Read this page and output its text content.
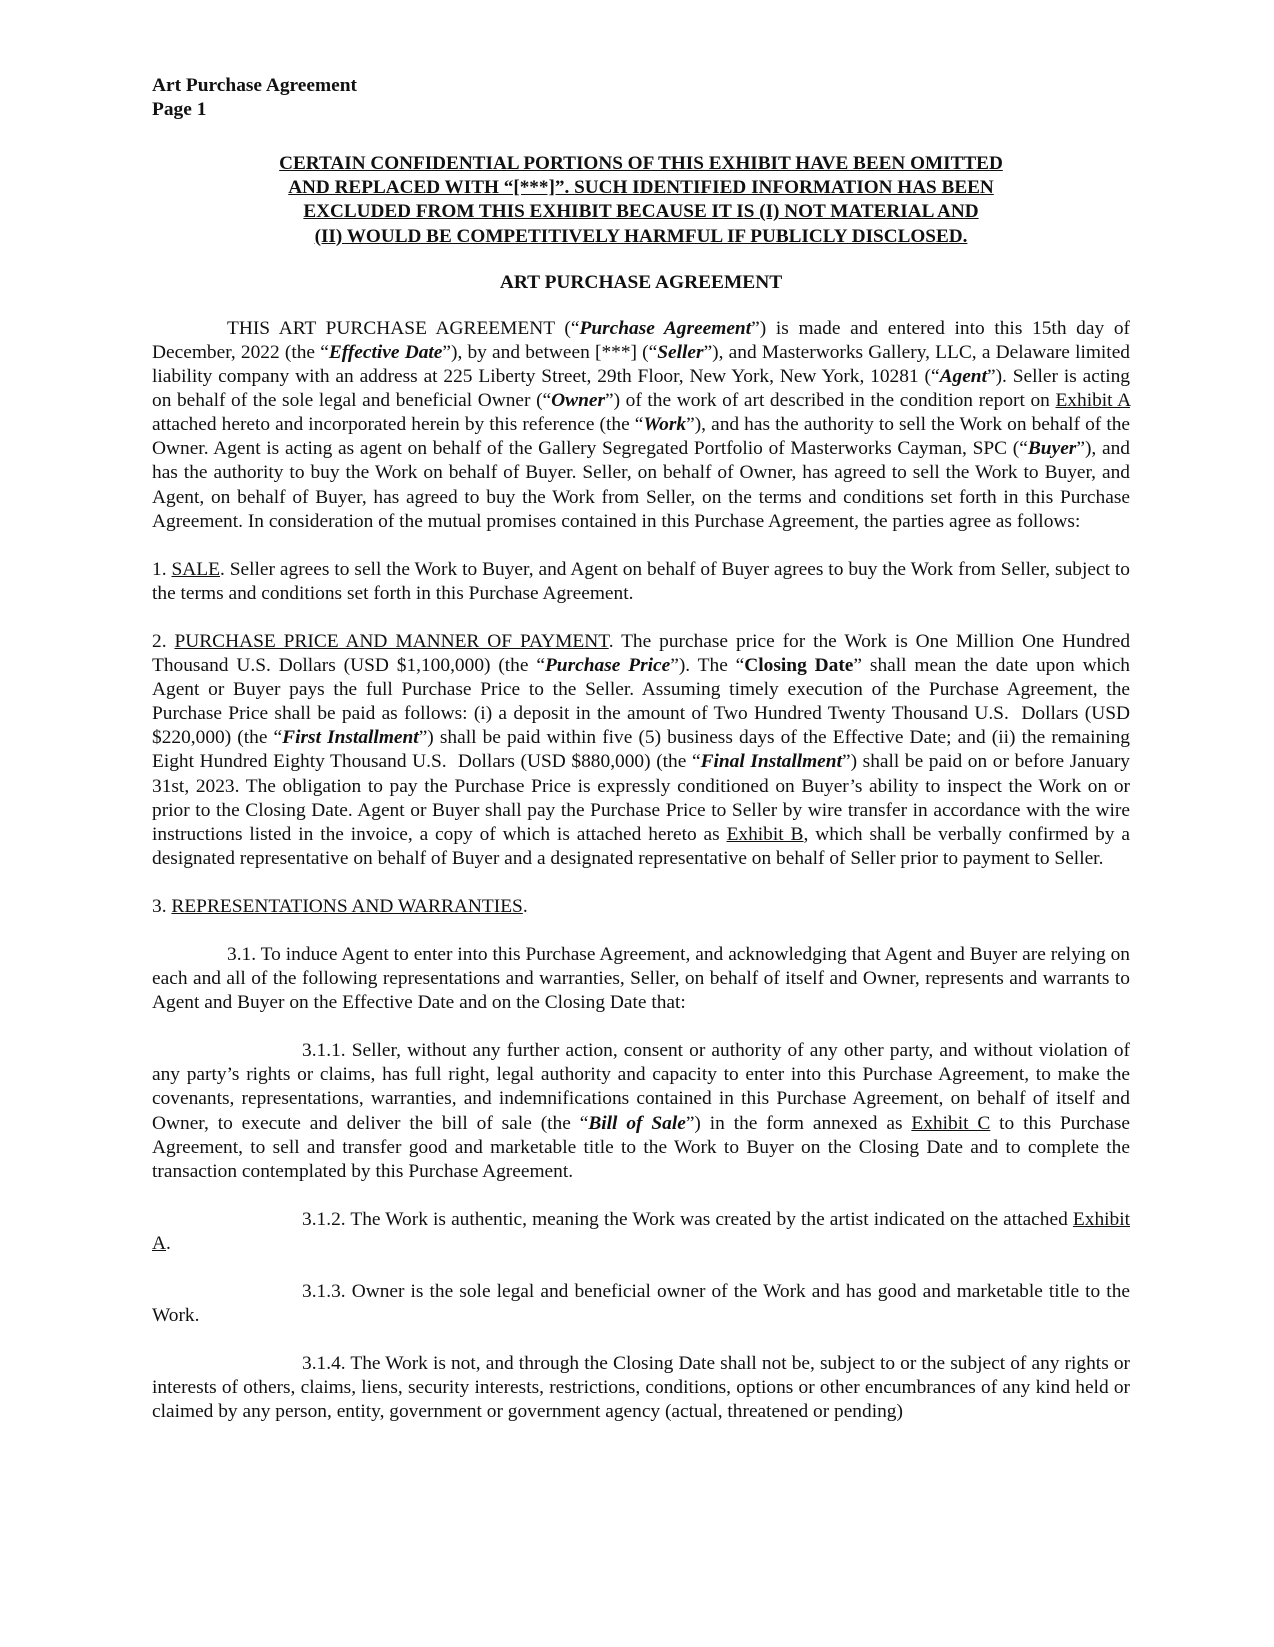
Art Purchase Agreement
Page 1
CERTAIN CONFIDENTIAL PORTIONS OF THIS EXHIBIT HAVE BEEN OMITTED
AND REPLACED WITH “[***]”. SUCH IDENTIFIED INFORMATION HAS BEEN
EXCLUDED FROM THIS EXHIBIT BECAUSE IT IS (I) NOT MATERIAL AND
(II) WOULD BE COMPETITIVELY HARMFUL IF PUBLICLY DISCLOSED.
ART PURCHASE AGREEMENT

THIS ART PURCHASE AGREEMENT (“Purchase Agreement”) is made and entered into this 15th day of December, 2022 (the “Effective Date”), by and between [***] (“Seller”), and Masterworks Gallery, LLC, a Delaware limited liability company with an address at 225 Liberty Street, 29th Floor, New York, New York, 10281 (“Agent”). Seller is acting on behalf of the sole legal and beneficial Owner (“Owner”) of the work of art described in the condition report on Exhibit A attached hereto and incorporated herein by this reference (the “Work”), and has the authority to sell the Work on behalf of the Owner. Agent is acting as agent on behalf of the Gallery Segregated Portfolio of Masterworks Cayman, SPC (“Buyer”), and has the authority to buy the Work on behalf of Buyer. Seller, on behalf of Owner, has agreed to sell the Work to Buyer, and Agent, on behalf of Buyer, has agreed to buy the Work from Seller, on the terms and conditions set forth in this Purchase Agreement. In consideration of the mutual promises contained in this Purchase Agreement, the parties agree as follows:

1. SALE. Seller agrees to sell the Work to Buyer, and Agent on behalf of Buyer agrees to buy the Work from Seller, subject to the terms and conditions set forth in this Purchase Agreement.

2. PURCHASE PRICE AND MANNER OF PAYMENT. The purchase price for the Work is One Million One Hundred Thousand U.S. Dollars (USD $1,100,000) (the “Purchase Price”). The “Closing Date” shall mean the date upon which Agent or Buyer pays the full Purchase Price to the Seller. Assuming timely execution of the Purchase Agreement, the Purchase Price shall be paid as follows: (i) a deposit in the amount of Two Hundred Twenty Thousand U.S.  Dollars (USD $220,000) (the “First Installment”) shall be paid within five (5) business days of the Effective Date; and (ii) the remaining Eight Hundred Eighty Thousand U.S.  Dollars (USD $880,000) (the “Final Installment”) shall be paid on or before January 31st, 2023. The obligation to pay the Purchase Price is expressly conditioned on Buyer’s ability to inspect the Work on or prior to the Closing Date. Agent or Buyer shall pay the Purchase Price to Seller by wire transfer in accordance with the wire instructions listed in the invoice, a copy of which is attached hereto as Exhibit B, which shall be verbally confirmed by a designated representative on behalf of Buyer and a designated representative on behalf of Seller prior to payment to Seller.

3. REPRESENTATIONS AND WARRANTIES.

3.1. To induce Agent to enter into this Purchase Agreement, and acknowledging that Agent and Buyer are relying on each and all of the following representations and warranties, Seller, on behalf of itself and Owner, represents and warrants to Agent and Buyer on the Effective Date and on the Closing Date that:

3.1.1. Seller, without any further action, consent or authority of any other party, and without violation of any party’s rights or claims, has full right, legal authority and capacity to enter into this Purchase Agreement, to make the covenants, representations, warranties, and indemnifications contained in this Purchase Agreement, on behalf of itself and Owner, to execute and deliver the bill of sale (the “Bill of Sale”) in the form annexed as Exhibit C to this Purchase Agreement, to sell and transfer good and marketable title to the Work to Buyer on the Closing Date and to complete the transaction contemplated by this Purchase Agreement.

3.1.2. The Work is authentic, meaning the Work was created by the artist indicated on the attached Exhibit A.

3.1.3. Owner is the sole legal and beneficial owner of the Work and has good and marketable title to the Work.

3.1.4. The Work is not, and through the Closing Date shall not be, subject to or the subject of any rights or interests of others, claims, liens, security interests, restrictions, conditions, options or other encumbrances of any kind held or claimed by any person, entity, government or government agency (actual, threatened or pending)
